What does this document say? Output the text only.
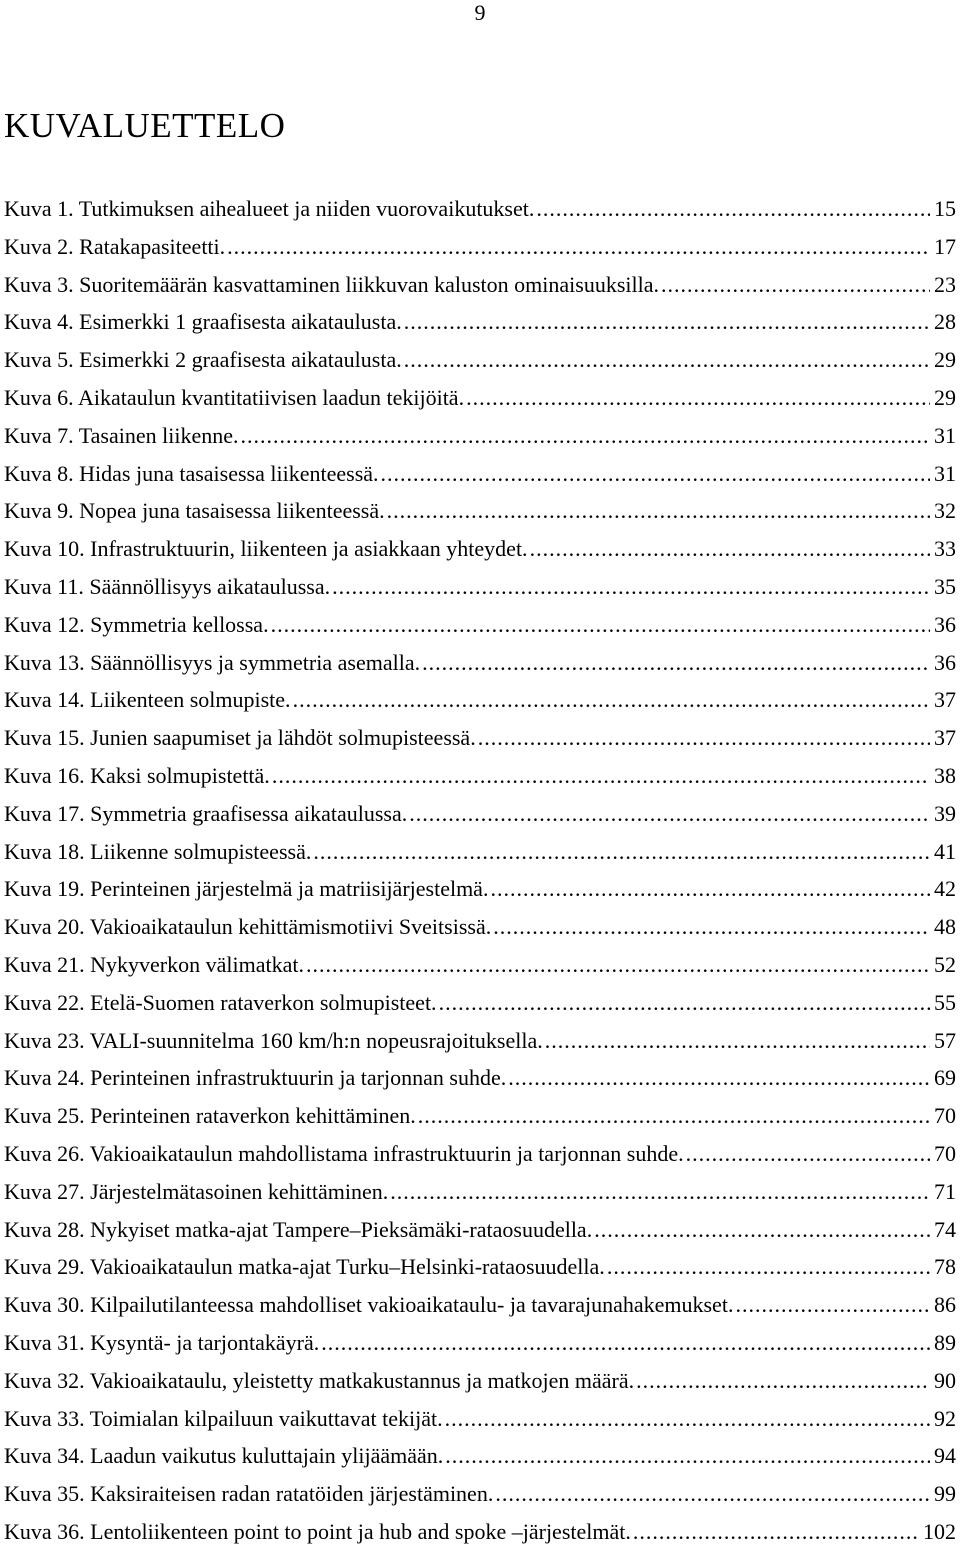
9
KUVALUETTELO
Kuva 1. Tutkimuksen aihealueet ja niiden vuorovaikutukset. .....	15
Kuva 2. Ratakapasiteetti. .....	17
Kuva 3. Suoritemäärän kasvattaminen liikkuvan kaluston ominaisuuksilla. .....	23
Kuva 4. Esimerkki 1 graafisesta aikataulusta. .....	28
Kuva 5. Esimerkki 2 graafisesta aikataulusta. .....	29
Kuva 6. Aikataulun kvantitatiivisen laadun tekijöitä. .....	29
Kuva 7. Tasainen liikenne. .....	31
Kuva 8. Hidas juna tasaisessa liikenteessä. .....	31
Kuva 9. Nopea juna tasaisessa liikenteessä. .....	32
Kuva 10. Infrastruktuurin, liikenteen ja asiakkaan yhteydet. .....	33
Kuva 11. Säännöllisyys aikataulussa. .....	35
Kuva 12. Symmetria kellossa. .....	36
Kuva 13. Säännöllisyys ja symmetria asemalla. .....	36
Kuva 14. Liikenteen solmupiste. .....	37
Kuva 15. Junien saapumiset ja lähdöt solmupisteessä. .....	37
Kuva 16. Kaksi solmupistettä. .....	38
Kuva 17. Symmetria graafisessa aikataulussa. .....	39
Kuva 18. Liikenne solmupisteessä. .....	41
Kuva 19. Perinteinen järjestelmä ja matriisijärjestelmä. .....	42
Kuva 20. Vakioaikataulun kehittämismotiivi Sveitsissä. .....	48
Kuva 21. Nykyverkon välimatkat. .....	52
Kuva 22. Etelä-Suomen rataverkon solmupisteet. .....	55
Kuva 23. VALI-suunnitelma 160 km/h:n nopeusrajoituksella. .....	57
Kuva 24. Perinteinen infrastruktuurin ja tarjonnan suhde. .....	69
Kuva 25. Perinteinen rataverkon kehittäminen. .....	70
Kuva 26. Vakioaikataulun mahdollistama infrastruktuurin ja tarjonnan suhde. .....	70
Kuva 27. Järjestelmätasoinen kehittäminen. .....	71
Kuva 28. Nykyiset matka-ajat Tampere–Pieksämäki-rataosuudella. .....	74
Kuva 29. Vakioaikataulun matka-ajat Turku–Helsinki-rataosuudella. .....	78
Kuva 30. Kilpailutilanteessa mahdolliset vakioaikataulu- ja tavarajunahakemukset. .....	86
Kuva 31. Kysyntä- ja tarjontakäyrä. .....	89
Kuva 32. Vakioaikataulu, yleistetty matkakustannus ja matkojen määrä. .....	90
Kuva 33. Toimialan kilpailuun vaikuttavat tekijät. .....	92
Kuva 34. Laadun vaikutus kuluttajain ylijäämään. .....	94
Kuva 35. Kaksiraiteisen radan ratatöiden järjestäminen. .....	99
Kuva 36. Lentoliikenteen point to point ja hub and spoke –järjestelmät. .....	102
